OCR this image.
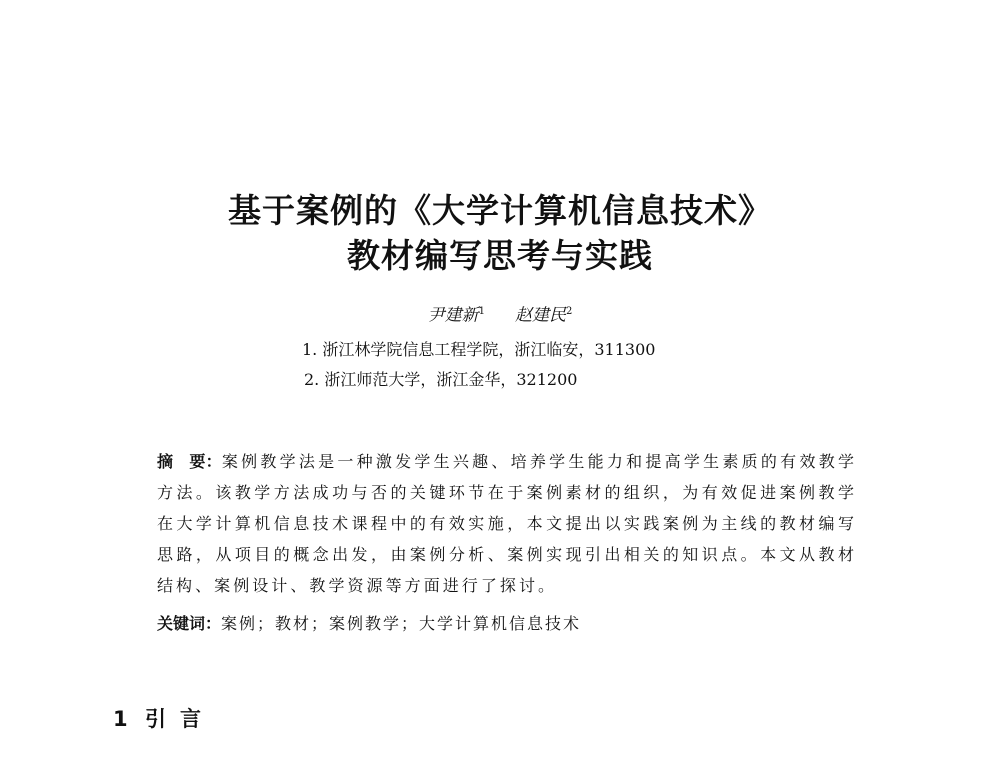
基于案例的《大学计算机信息技术》
教材编写思考与实践
尹建新$^1$ 赵建民$^2$
1. 浙江林学院信息工程学院，浙江临安，311300
2. 浙江师范大学，浙江金华，321200
摘 要：案例教学法是一种激发学生兴趣、培养学生能力和提高学生素质的有效教学方法。该教学方法成功与否的关键环节在于案例素材的组织，为有效促进案例教学在大学计算机信息技术课程中的有效实施，本文提出以实践案例为主线的教材编写思路，从项目的概念出发，由案例分析、案例实现引出相关的知识点。本文从教材结构、案例设计、教学资源等方面进行了探讨。
关键词：案例；教材；案例教学；大学计算机信息技术
1 引言
